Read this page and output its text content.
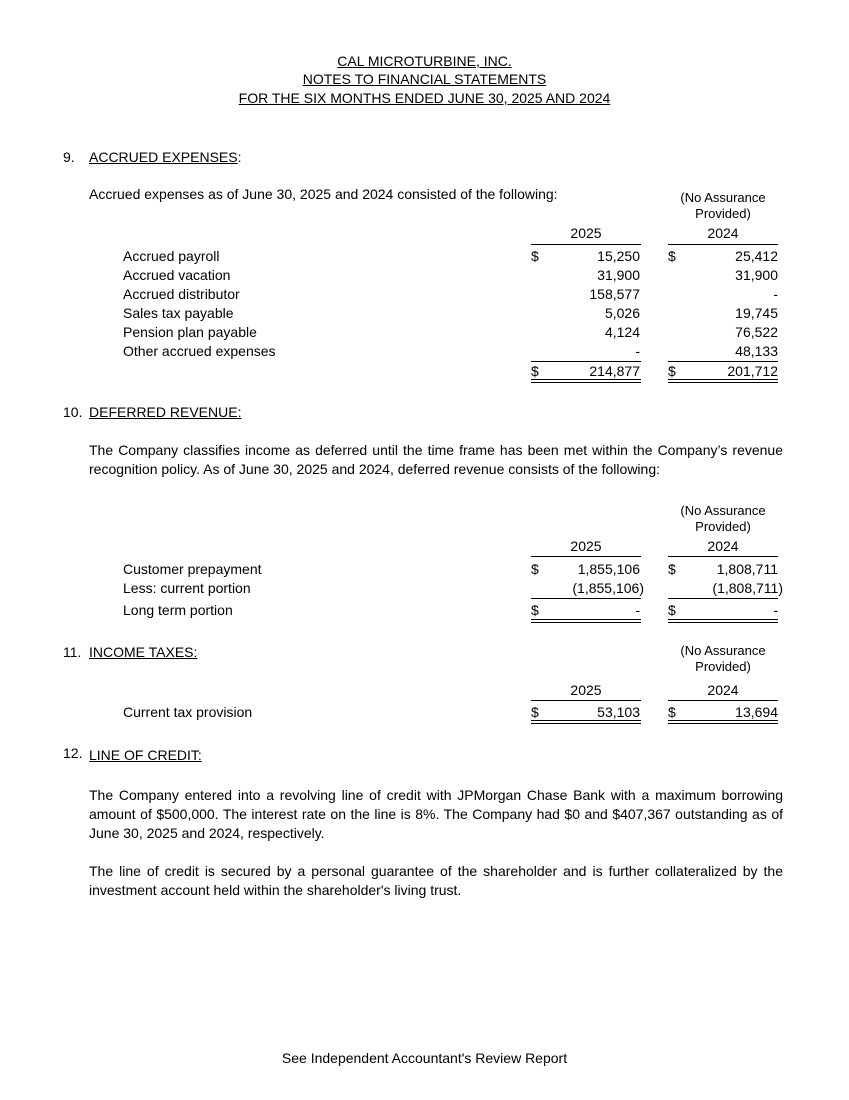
CAL MICROTURBINE, INC.
NOTES TO FINANCIAL STATEMENTS
FOR THE SIX MONTHS ENDED JUNE 30, 2025 AND 2024
9. ACCRUED EXPENSES:
Accrued expenses as of June 30, 2025 and 2024 consisted of the following:	(No Assurance
Provided)
2025	2024
Accrued payroll	$	15,250 $	25,412
Accrued vacation	31,900	31,900
Accrued distributor	158,577	-
Sales tax payable	5,026	19,745
Pension plan payable	4,124	76,522
Other accrued expenses	-	48,133
$	214,877 $	201,712
10. DEFERRED REVENUE:
The Company classifies income as deferred until the time frame has been met within the Company’s revenue recognition policy. As of June 30, 2025 and 2024, deferred revenue consists of the following:
(No Assurance
Provided)
2025	2024
Customer prepayment	$	1,855,106 $	1,808,711
Less: current portion	(1,855,106)	(1,808,711)
Long term portion	$	- $	-
11. INCOME TAXES:	(No Assurance
Provided)
2025	2024
Current tax provision	$	53,103 $	13,694
12. LINE OF CREDIT:
The Company entered into a revolving line of credit with JPMorgan Chase Bank with a maximum borrowing amount of $500,000. The interest rate on the line is 8%. The Company had $0 and $407,367 outstanding as of June 30, 2025 and 2024, respectively.
The line of credit is secured by a personal guarantee of the shareholder and is further collateralized by the investment account held within the shareholder's living trust.
See Independent Accountant's Review Report
